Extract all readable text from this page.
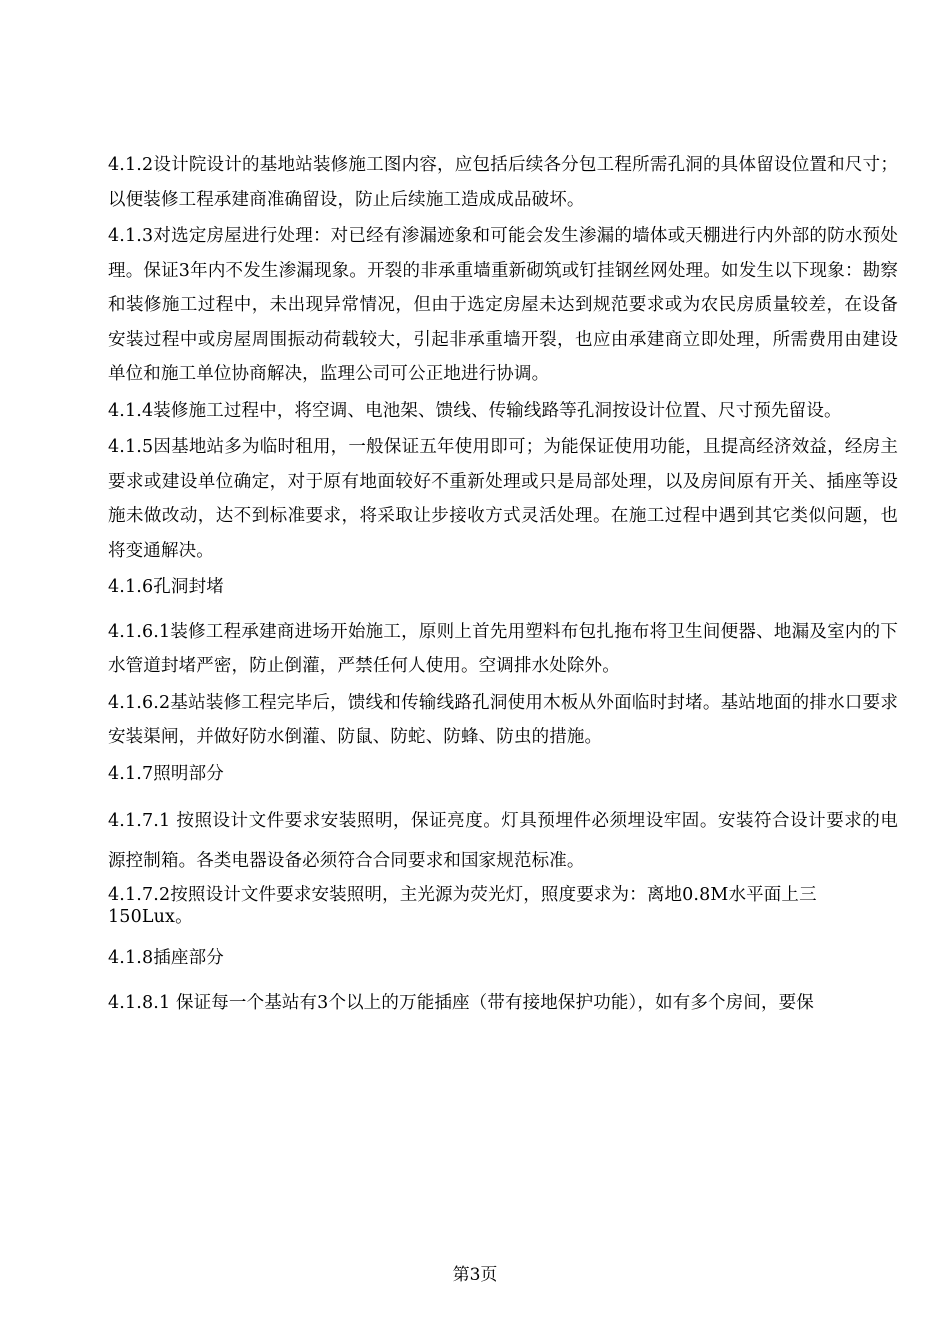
4.1.2设计院设计的基地站装修施工图内容，应包括后续各分包工程所需孔洞的具体留设位置和尺寸；以便装修工程承建商准确留设，防止后续施工造成成品破坏。

4.1.3对选定房屋进行处理：对已经有渗漏迹象和可能会发生渗漏的墙体或天棚进行内外部的防水预处理。保证3年内不发生渗漏现象。开裂的非承重墙重新砌筑或钉挂钢丝网处理。如发生以下现象：勘察和装修施工过程中，未出现异常情况，但由于选定房屋未达到规范要求或为农民房质量较差，在设备安装过程中或房屋周围振动荷载较大，引起非承重墙开裂，也应由承建商立即处理，所需费用由建设单位和施工单位协商解决，监理公司可公正地进行协调。

4.1.4装修施工过程中，将空调、电池架、馈线、传输线路等孔洞按设计位置、尺寸预先留设。

4.1.5因基地站多为临时租用，一般保证五年使用即可；为能保证使用功能，且提高经济效益，经房主要求或建设单位确定，对于原有地面较好不重新处理或只是局部处理，以及房间原有开关、插座等设施未做改动，达不到标准要求，将采取让步接收方式灵活处理。在施工过程中遇到其它类似问题，也将变通解决。

4.1.6孔洞封堵

4.1.6.1装修工程承建商进场开始施工，原则上首先用塑料布包扎拖布将卫生间便器、地漏及室内的下水管道封堵严密，防止倒灌，严禁任何人使用。空调排水处除外。

4.1.6.2基站装修工程完毕后，馈线和传输线路孔洞使用木板从外面临时封堵。基站地面的排水口要求安装渠闸，并做好防水倒灌、防鼠、防蛇、防蜂、防虫的措施。

4.1.7照明部分

4.1.7.1 按照设计文件要求安装照明，保证亮度。灯具预埋件必须埋设牢固。安装符合设计要求的电源控制箱。各类电器设备必须符合合同要求和国家规范标准。

4.1.7.2按照设计文件要求安装照明，主光源为荧光灯，照度要求为：离地0.8M水平面上三

150Lux。

4.1.8插座部分

4.1.8.1 保证每一个基站有3个以上的万能插座（带有接地保护功能），如有多个房间，要保

第3页
